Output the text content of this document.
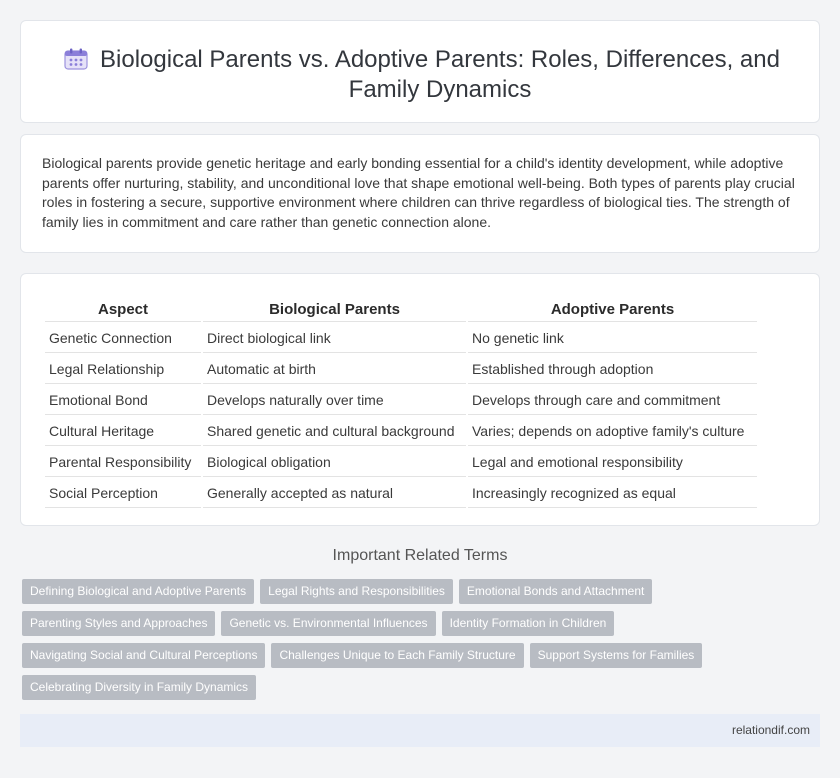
Biological Parents vs. Adoptive Parents: Roles, Differences, and Family Dynamics

Biological parents provide genetic heritage and early bonding essential for a child's identity development, while adoptive parents offer nurturing, stability, and unconditional love that shape emotional well-being. Both types of parents play crucial roles in fostering a secure, supportive environment where children can thrive regardless of biological ties. The strength of family lies in commitment and care rather than genetic connection alone.

Aspect	Biological Parents	Adoptive Parents
Genetic Connection	Direct biological link	No genetic link
Legal Relationship	Automatic at birth	Established through adoption
Emotional Bond	Develops naturally over time	Develops through care and commitment
Cultural Heritage	Shared genetic and cultural background	Varies; depends on adoptive family's culture
Parental Responsibility	Biological obligation	Legal and emotional responsibility
Social Perception	Generally accepted as natural	Increasingly recognized as equal
Important Related Terms
Defining Biological and Adoptive Parents Legal Rights and Responsibilities Emotional Bonds and Attachment
Parenting Styles and Approaches Genetic vs. Environmental Influences Identity Formation in Children
Navigating Social and Cultural Perceptions Challenges Unique to Each Family Structure Support Systems for Families
Celebrating Diversity in Family Dynamics
relationdif.com
